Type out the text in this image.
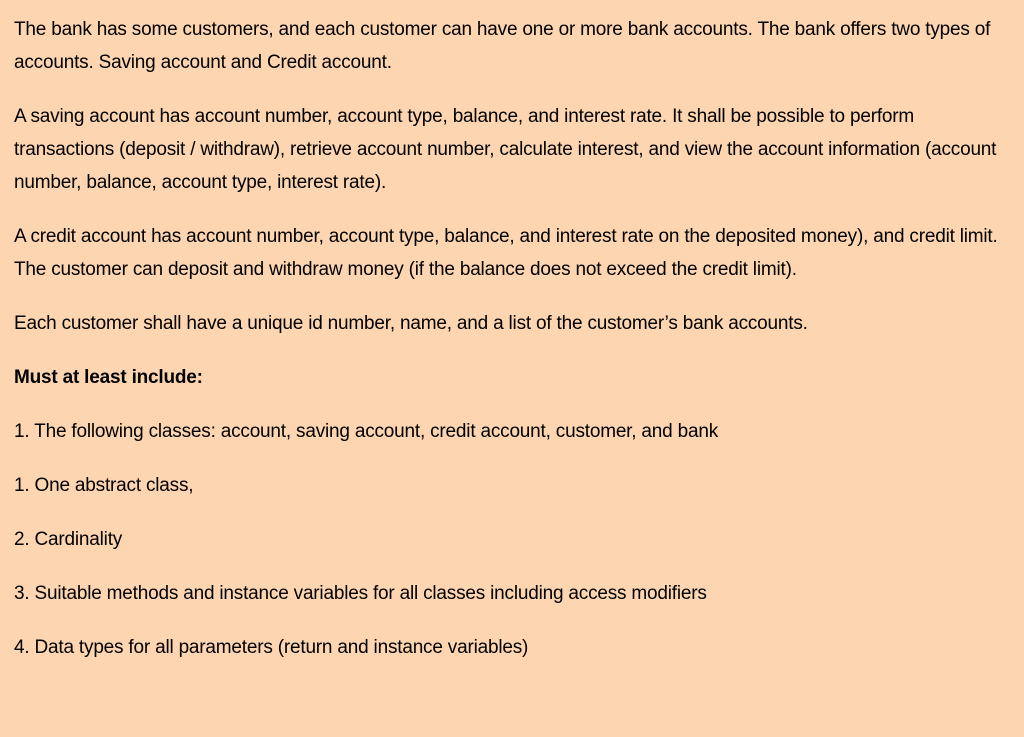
The bank has some customers, and each customer can have one or more bank accounts. The bank offers two types of accounts. Saving account and Credit account.

A saving account has account number, account type, balance, and interest rate. It shall be possible to perform transactions (deposit / withdraw), retrieve account number, calculate interest, and view the account information (account number, balance, account type, interest rate).

A credit account has account number, account type, balance, and interest rate on the deposited money), and credit limit. The customer can deposit and withdraw money (if the balance does not exceed the credit limit).

Each customer shall have a unique id number, name, and a list of the customer’s bank accounts.

Must at least include:

1. The following classes: account, saving account, credit account, customer, and bank

1. One abstract class,

2. Cardinality

3. Suitable methods and instance variables for all classes including access modifiers

4. Data types for all parameters (return and instance variables)
